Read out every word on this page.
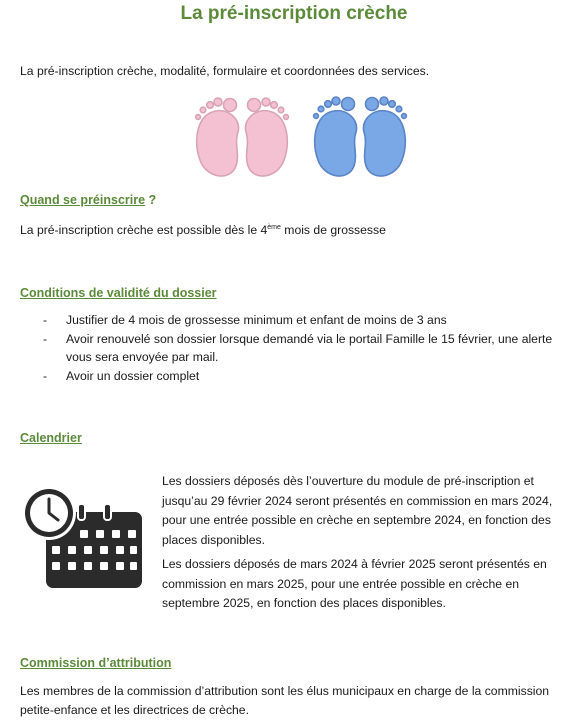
La pré-inscription crèche

La pré-inscription crèche, modalité, formulaire et coordonnées des services.

Quand se préinscrire ?

La pré-inscription crèche est possible dès le 4ème mois de grossesse

Conditions de validité du dossier

- Justifier de 4 mois de grossesse minimum et enfant de moins de 3 ans
- Avoir renouvelé son dossier lorsque demandé via le portail Famille le 15 février, une alerte vous sera envoyée par mail.
- Avoir un dossier complet

Calendrier

Les dossiers déposés dès l’ouverture du module de pré-inscription et jusqu’au 29 février 2024 seront présentés en commission en mars 2024, pour une entrée possible en crèche en septembre 2024, en fonction des places disponibles.

Les dossiers déposés de mars 2024 à février 2025 seront présentés en commission en mars 2025, pour une entrée possible en crèche en septembre 2025, en fonction des places disponibles.

Commission d’attribution

Les membres de la commission d’attribution sont les élus municipaux en charge de la commission petite-enfance et les directrices de crèche.
